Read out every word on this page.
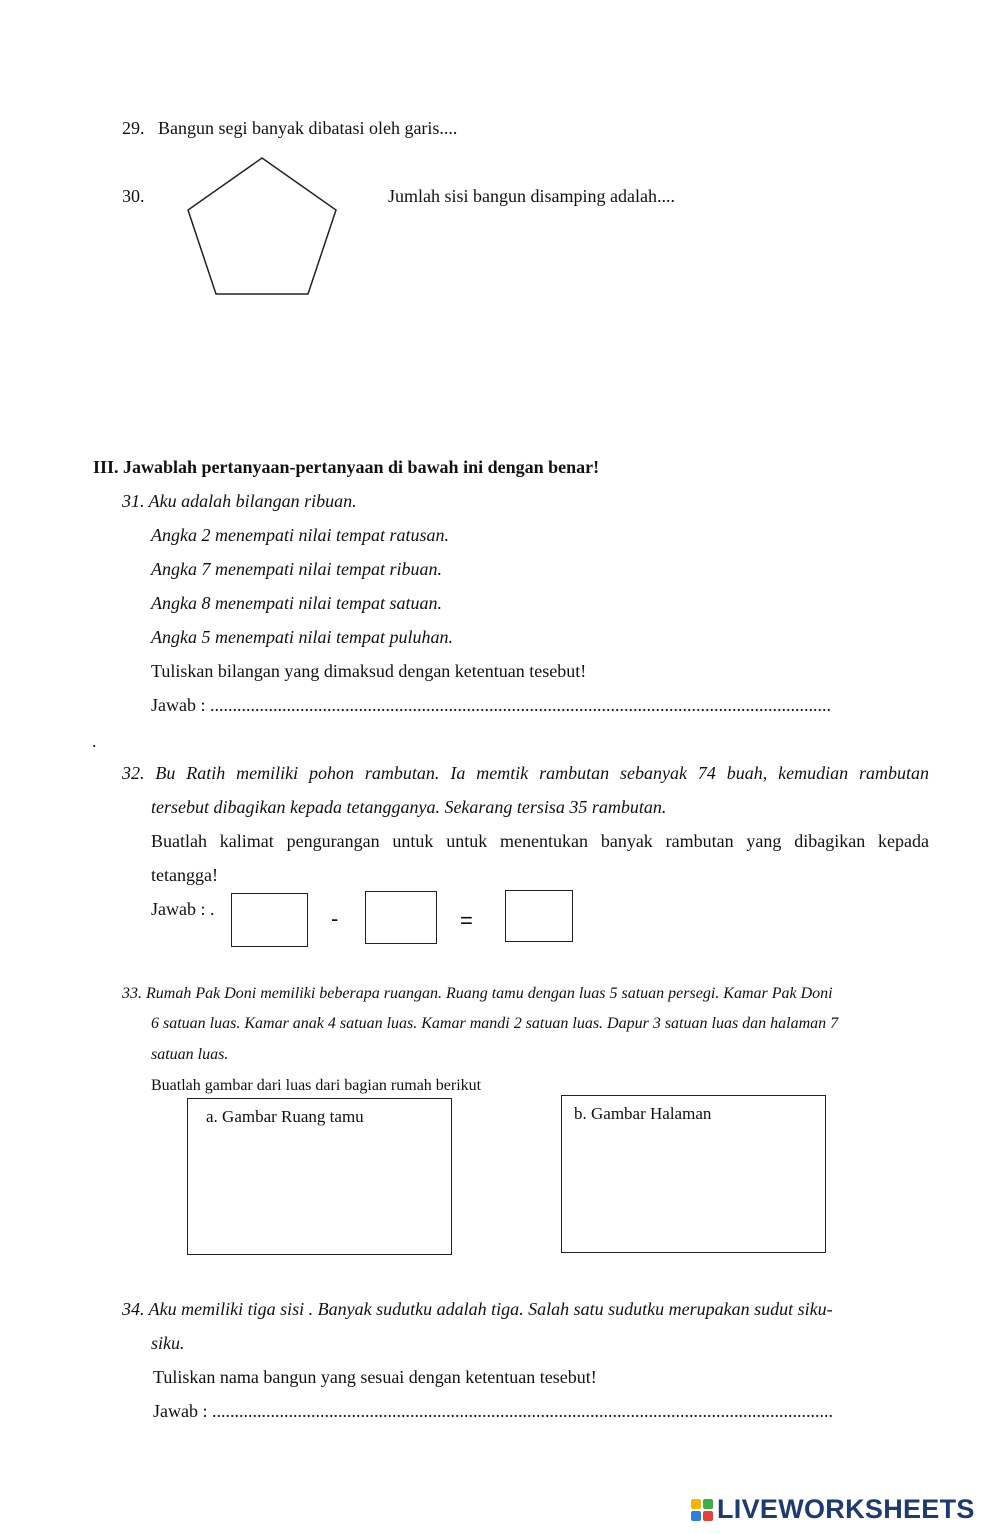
29. Bangun segi banyak dibatasi oleh garis....
30.	Jumlah sisi bangun disamping adalah....
III. Jawablah pertanyaan-pertanyaan di bawah ini dengan benar!
31. Aku adalah bilangan ribuan.
Angka 2 menempati nilai tempat ratusan.
Angka 7 menempati nilai tempat ribuan.
Angka 8 menempati nilai tempat satuan.
Angka 5 menempati nilai tempat puluhan.
Tuliskan bilangan yang dimaksud dengan ketentuan tesebut!
Jawab : ..........................................................................................................................................
.
32. Bu Ratih memiliki pohon rambutan. Ia memtik rambutan sebanyak 74 buah, kemudian rambutan
tersebut dibagikan kepada tetangganya. Sekarang tersisa 35 rambutan.
Buatlah kalimat pengurangan untuk untuk menentukan banyak rambutan yang dibagikan kepada
tetangga!
Jawab : .	-	=
33. Rumah Pak Doni memiliki beberapa ruangan. Ruang tamu dengan luas 5 satuan persegi. Kamar Pak Doni
6 satuan luas. Kamar anak 4 satuan luas. Kamar mandi 2 satuan luas. Dapur 3 satuan luas dan halaman 7
satuan luas.
Buatlah gambar dari luas dari bagian rumah berikut
a. Gambar Ruang tamu	b. Gambar Halaman
34. Aku memiliki tiga sisi . Banyak sudutku adalah tiga. Salah satu sudutku merupakan sudut siku-
siku.
Tuliskan nama bangun yang sesuai dengan ketentuan tesebut!
Jawab : ..........................................................................................................................................
LIVEWORKSHEETS
